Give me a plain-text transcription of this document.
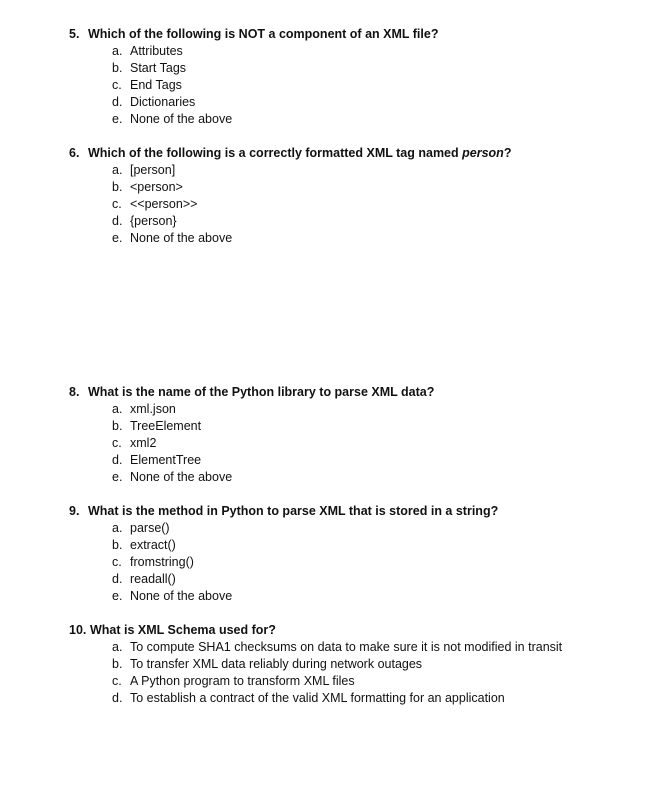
5. Which of the following is NOT a component of an XML file?
a. Attributes
b. Start Tags
c. End Tags
d. Dictionaries
e. None of the above
6. Which of the following is a correctly formatted XML tag named person?
a. [person]
b. <person>
c. <<person>>
d. {person}
e. None of the above
8. What is the name of the Python library to parse XML data?
a. xml.json
b. TreeElement
c. xml2
d. ElementTree
e. None of the above
9. What is the method in Python to parse XML that is stored in a string?
a. parse()
b. extract()
c. fromstring()
d. readall()
e. None of the above
10. What is XML Schema used for?
a. To compute SHA1 checksums on data to make sure it is not modified in transit
b. To transfer XML data reliably during network outages
c. A Python program to transform XML files
d. To establish a contract of the valid XML formatting for an application
